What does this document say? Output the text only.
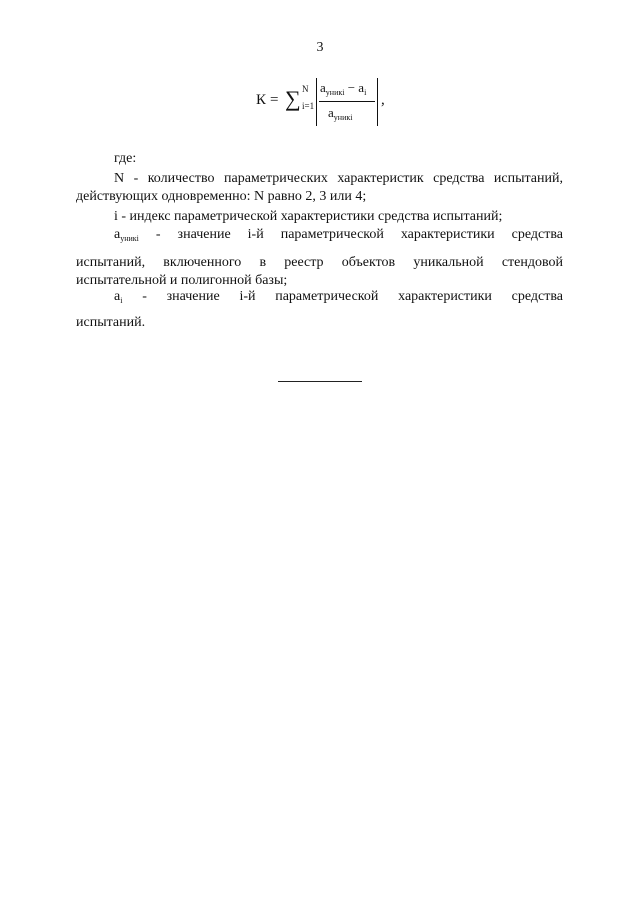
3
К = ∑ N
i=1
$a_{уникi} - a_i$
$a_{уникi}$
,
где:
N - количество параметрических характеристик средства испытаний,
действующих одновременно: N равно 2, 3 или 4;
i - индекс параметрической характеристики средства испытаний;
$a_{уникi}$ - значение i-й параметрической характеристики средства
испытаний, включенного в реестр объектов уникальной стендовой
испытательной и полигонной базы;
$a_i$ - значение i-й параметрической характеристики средства
испытаний.
